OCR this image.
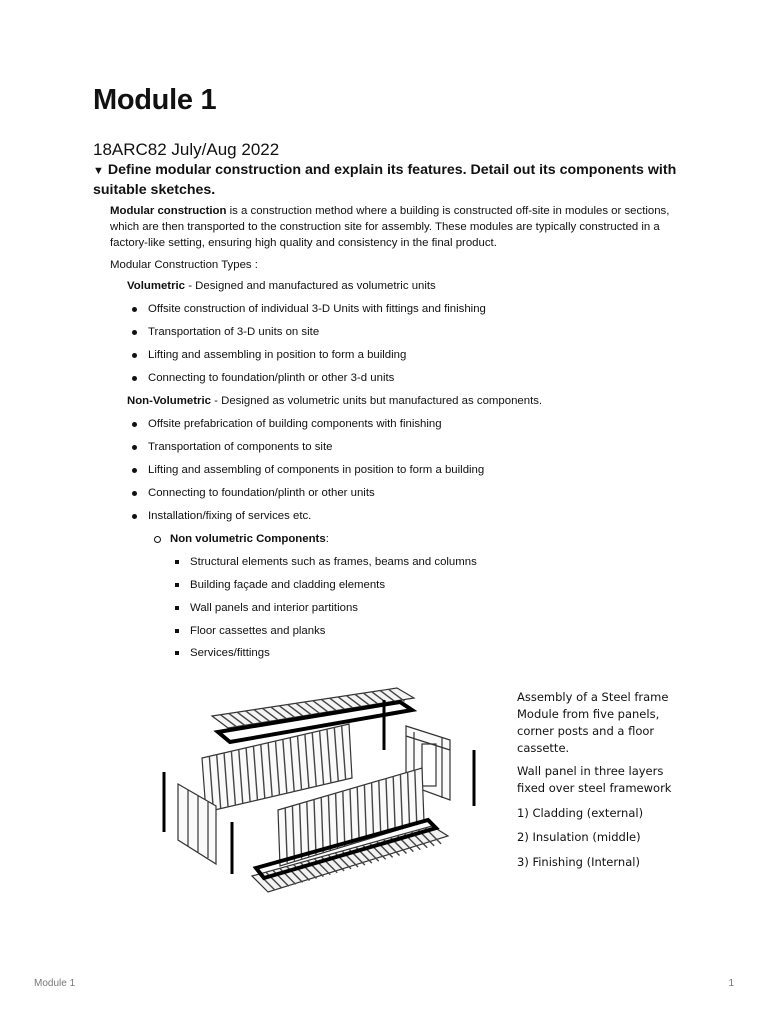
Module 1
18ARC82 July/Aug 2022
▼ Define modular construction and explain its features. Detail out its components with suitable sketches.
Modular construction is a construction method where a building is constructed off-site in modules or sections, which are then transported to the construction site for assembly. These modules are typically constructed in a factory-like setting, ensuring high quality and consistency in the final product.
Modular Construction Types :
Volumetric - Designed and manufactured as volumetric units
Offsite construction of individual 3-D Units with fittings and finishing
Transportation of 3-D units on site
Lifting and assembling in position to form a building
Connecting to foundation/plinth or other 3-d units
Non-Volumetric - Designed as volumetric units but manufactured as components.
Offsite prefabrication of building components with finishing
Transportation of components to site
Lifting and assembling of components in position to form a building
Connecting to foundation/plinth or other units
Installation/fixing of services etc.
Non volumetric Components :
Structural elements such as frames, beams and columns
Building façade and cladding elements
Wall panels and interior partitions
Floor cassettes and planks
Services/fittings
Assembly of a Steel frame
Module from five panels,
corner posts and a floor
cassette.
Wall panel in three layers
fixed over steel framework
1) Cladding (external)
2) Insulation (middle)
3) Finishing (Internal)
Module 1	1
